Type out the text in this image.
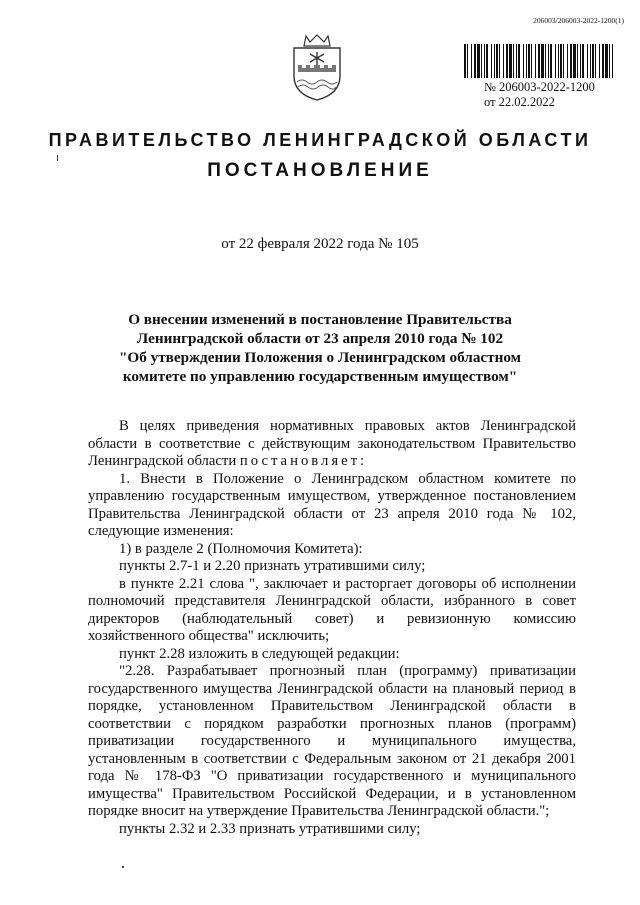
206003/206003-2022-1200(1)
№ 206003-2022-1200
от 22.02.2022
ПРАВИТЕЛЬСТВО ЛЕНИНГРАДСКОЙ ОБЛАСТИ
ПОСТАНОВЛЕНИЕ
от 22 февраля 2022 года № 105
О внесении изменений в постановление Правительства
Ленинградской области от 23 апреля 2010 года № 102
"Об утверждении Положения о Ленинградском областном
комитете по управлению государственным имуществом"
В целях приведения нормативных правовых актов Ленинградской области в соответствие с действующим законодательством Правительство Ленинградской области постановляет:
1. Внести в Положение о Ленинградском областном комитете по управлению государственным имуществом, утвержденное постановлением Правительства Ленинградской области от 23 апреля 2010 года № 102, следующие изменения:
1) в разделе 2 (Полномочия Комитета):
пункты 2.7-1 и 2.20 признать утратившими силу;
в пункте 2.21 слова ", заключает и расторгает договоры об исполнении полномочий представителя Ленинградской области, избранного в совет директоров (наблюдательный совет) и ревизионную комиссию хозяйственного общества" исключить;
пункт 2.28 изложить в следующей редакции:
"2.28. Разрабатывает прогнозный план (программу) приватизации государственного имущества Ленинградской области на плановый период в порядке, установленном Правительством Ленинградской области в соответствии с порядком разработки прогнозных планов (программ) приватизации государственного и муниципального имущества, установленным в соответствии с Федеральным законом от 21 декабря 2001 года № 178-ФЗ "О приватизации государственного и муниципального имущества" Правительством Российской Федерации, и в установленном порядке вносит на утверждение Правительства Ленинградской области.";
пункты 2.32 и 2.33 признать утратившими силу;
